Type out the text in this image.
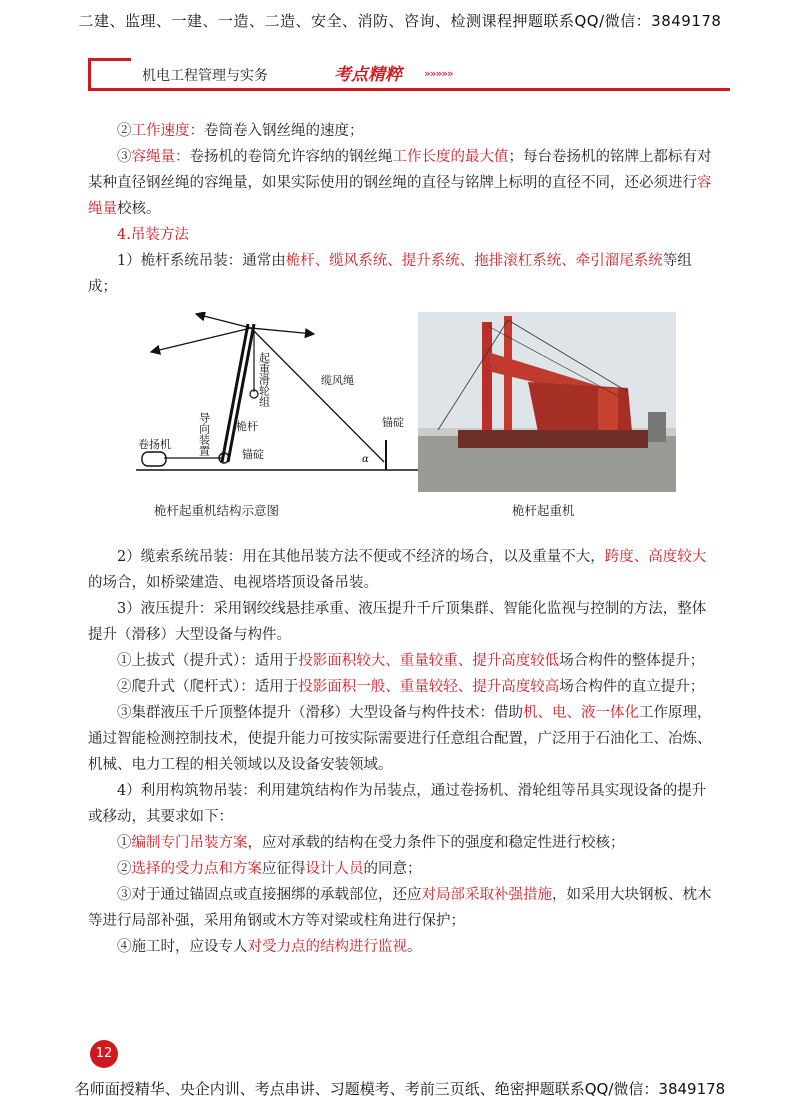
二建、监理、一建、一造、二造、安全、消防、咨询、检测课程押题联系QQ/微信：3849178
机电工程管理与实务	考点精粹 »»»»»

②工作速度：卷筒卷入钢丝绳的速度；

③容绳量：卷扬机的卷筒允许容纳的钢丝绳工作长度的最大值；每台卷扬机的铭牌上都标有对某种直径钢丝绳的容绳量，如果实际使用的钢丝绳的直径与铭牌上标明的直径不同，还必须进行容绳量校核。

4.吊装方法

1）桅杆系统吊装：通常由桅杆、缆风系统、提升系统、拖排滚杠系统、牵引溜尾系统等组成；

α
卷扬机 导向装置
起重滑轮组
桅杆
锚碇
缆风绳
锚碇
桅杆起重机结构示意图	桅杆起重机

2）缆索系统吊装：用在其他吊装方法不便或不经济的场合，以及重量不大，跨度、高度较大的场合，如桥梁建造、电视塔塔顶设备吊装。

3）液压提升：采用钢绞线悬挂承重、液压提升千斤顶集群、智能化监视与控制的方法，整体提升（滑移）大型设备与构件。

①上拔式（提升式）：适用于投影面积较大、重量较重、提升高度较低场合构件的整体提升；

②爬升式（爬杆式）：适用于投影面积一般、重量较轻、提升高度较高场合构件的直立提升；

③集群液压千斤顶整体提升（滑移）大型设备与构件技术：借助机、电、液一体化工作原理，通过智能检测控制技术，使提升能力可按实际需要进行任意组合配置，广泛用于石油化工、冶炼、机械、电力工程的相关领域以及设备安装领域。

4）利用构筑物吊装：利用建筑结构作为吊装点，通过卷扬机、滑轮组等吊具实现设备的提升或移动，其要求如下：

①编制专门吊装方案，应对承载的结构在受力条件下的强度和稳定性进行校核；

②选择的受力点和方案应征得设计人员的同意；

③对于通过锚固点或直接捆绑的承载部位，还应对局部采取补强措施，如采用大块钢板、枕木等进行局部补强，采用角钢或木方等对梁或柱角进行保护；

④施工时，应设专人对受力点的结构进行监视。

12
名师面授精华、央企内训、考点串讲、习题模考、考前三页纸、绝密押题联系QQ/微信：3849178
